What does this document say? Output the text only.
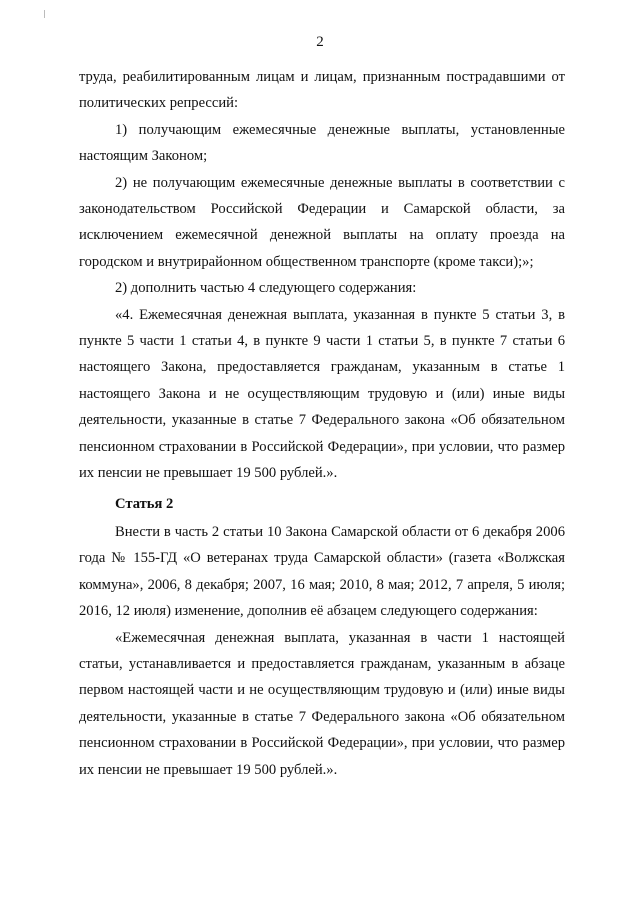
2

труда, реабилитированным лицам и лицам, признанным пострадавшими от политических репрессий:

1) получающим ежемесячные денежные выплаты, установленные настоящим Законом;

2) не получающим ежемесячные денежные выплаты в соответствии с законодательством Российской Федерации и Самарской области, за исключением ежемесячной денежной выплаты на оплату проезда на городском и внутрирайонном общественном транспорте (кроме такси);»;

2) дополнить частью 4 следующего содержания:

«4. Ежемесячная денежная выплата, указанная в пункте 5 статьи 3, в пункте 5 части 1 статьи 4, в пункте 9 части 1 статьи 5, в пункте 7 статьи 6 настоящего Закона, предоставляется гражданам, указанным в статье 1 настоящего Закона и не осуществляющим трудовую и (или) иные виды деятельности, указанные в статье 7 Федерального закона «Об обязательном пенсионном страховании в Российской Федерации», при условии, что размер их пенсии не превышает 19 500 рублей.».

Статья 2

Внести в часть 2 статьи 10 Закона Самарской области от 6 декабря 2006 года № 155-ГД «О ветеранах труда Самарской области» (газета «Волжская коммуна», 2006, 8 декабря; 2007, 16 мая; 2010, 8 мая; 2012, 7 апреля, 5 июля; 2016, 12 июля) изменение, дополнив её абзацем следующего содержания:

«Ежемесячная денежная выплата, указанная в части 1 настоящей статьи, устанавливается и предоставляется гражданам, указанным в абзаце первом настоящей части и не осуществляющим трудовую и (или) иные виды деятельности, указанные в статье 7 Федерального закона «Об обязательном пенсионном страховании в Российской Федерации», при условии, что размер их пенсии не превышает 19 500 рублей.».
